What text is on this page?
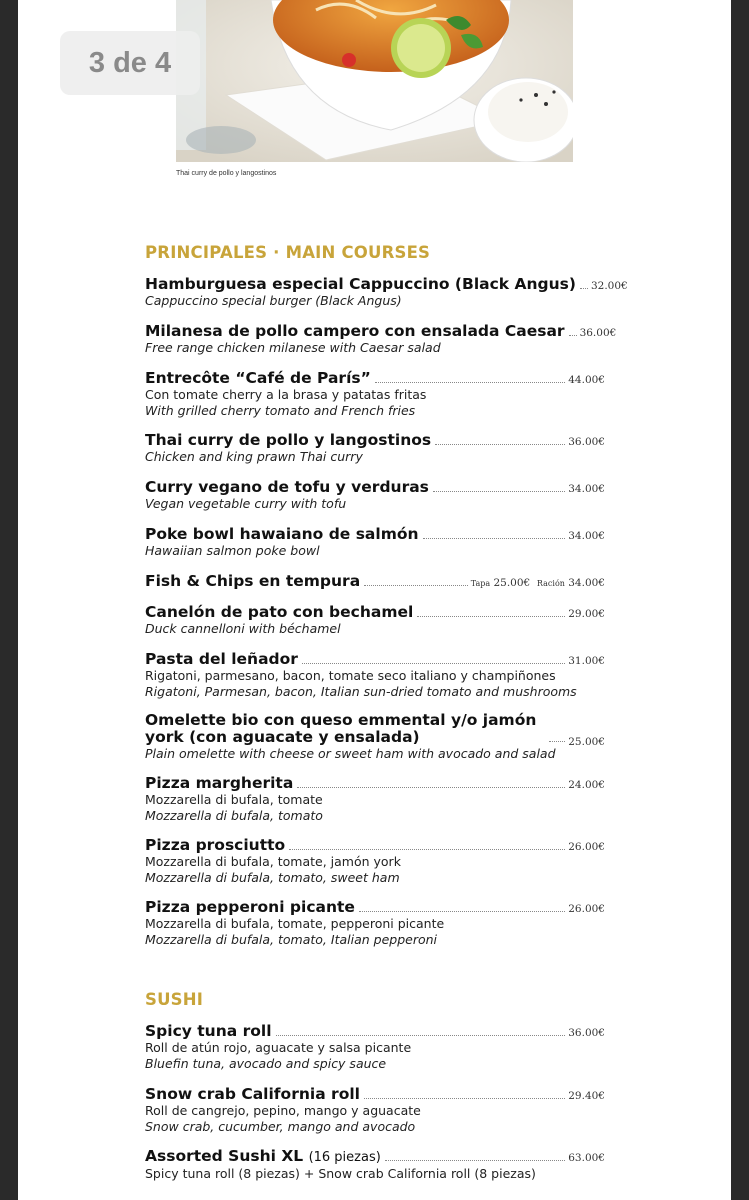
Thai curry de pollo y langostinos
3 de 4
PRINCIPALES · MAIN COURSES
Hamburguesa especial Cappuccino (Black Angus) 32.00€
Cappuccino special burger (Black Angus)
Milanesa de pollo campero con ensalada Caesar 36.00€
Free range chicken milanese with Caesar salad
Entrecôte “Café de París”	44.00€
Con tomate cherry a la brasa y patatas fritas
With grilled cherry tomato and French fries
Thai curry de pollo y langostinos	36.00€
Chicken and king prawn Thai curry
Curry vegano de tofu y verduras	34.00€
Vegan vegetable curry with tofu
Poke bowl hawaiano de salmón	34.00€
Hawaiian salmon poke bowl
Fish & Chips en tempura	Tapa 25.00€ Ración 34.00€
Canelón de pato con bechamel	29.00€
Duck cannelloni with béchamel
Pasta del leñador	31.00€
Rigatoni, parmesano, bacon, tomate seco italiano y champiñones
Rigatoni, Parmesan, bacon, Italian sun-dried tomato and mushrooms
Omelette bio con queso emmental y/o jamón york (con aguacate y ensalada)	25.00€
Plain omelette with cheese or sweet ham with avocado and salad
Pizza margherita	24.00€
Mozzarella di bufala, tomate
Mozzarella di bufala, tomato
Pizza prosciutto	26.00€
Mozzarella di bufala, tomate, jamón york
Mozzarella di bufala, tomato, sweet ham
Pizza pepperoni picante	26.00€
Mozzarella di bufala, tomate, pepperoni picante
Mozzarella di bufala, tomato, Italian pepperoni
SUSHI
Spicy tuna roll	36.00€
Roll de atún rojo, aguacate y salsa picante
Bluefin tuna, avocado and spicy sauce
Snow crab California roll	29.40€
Roll de cangrejo, pepino, mango y aguacate
Snow crab, cucumber, mango and avocado
Assorted Sushi XL (16 piezas)	63.00€
Spicy tuna roll (8 piezas) + Snow crab California roll (8 piezas)
